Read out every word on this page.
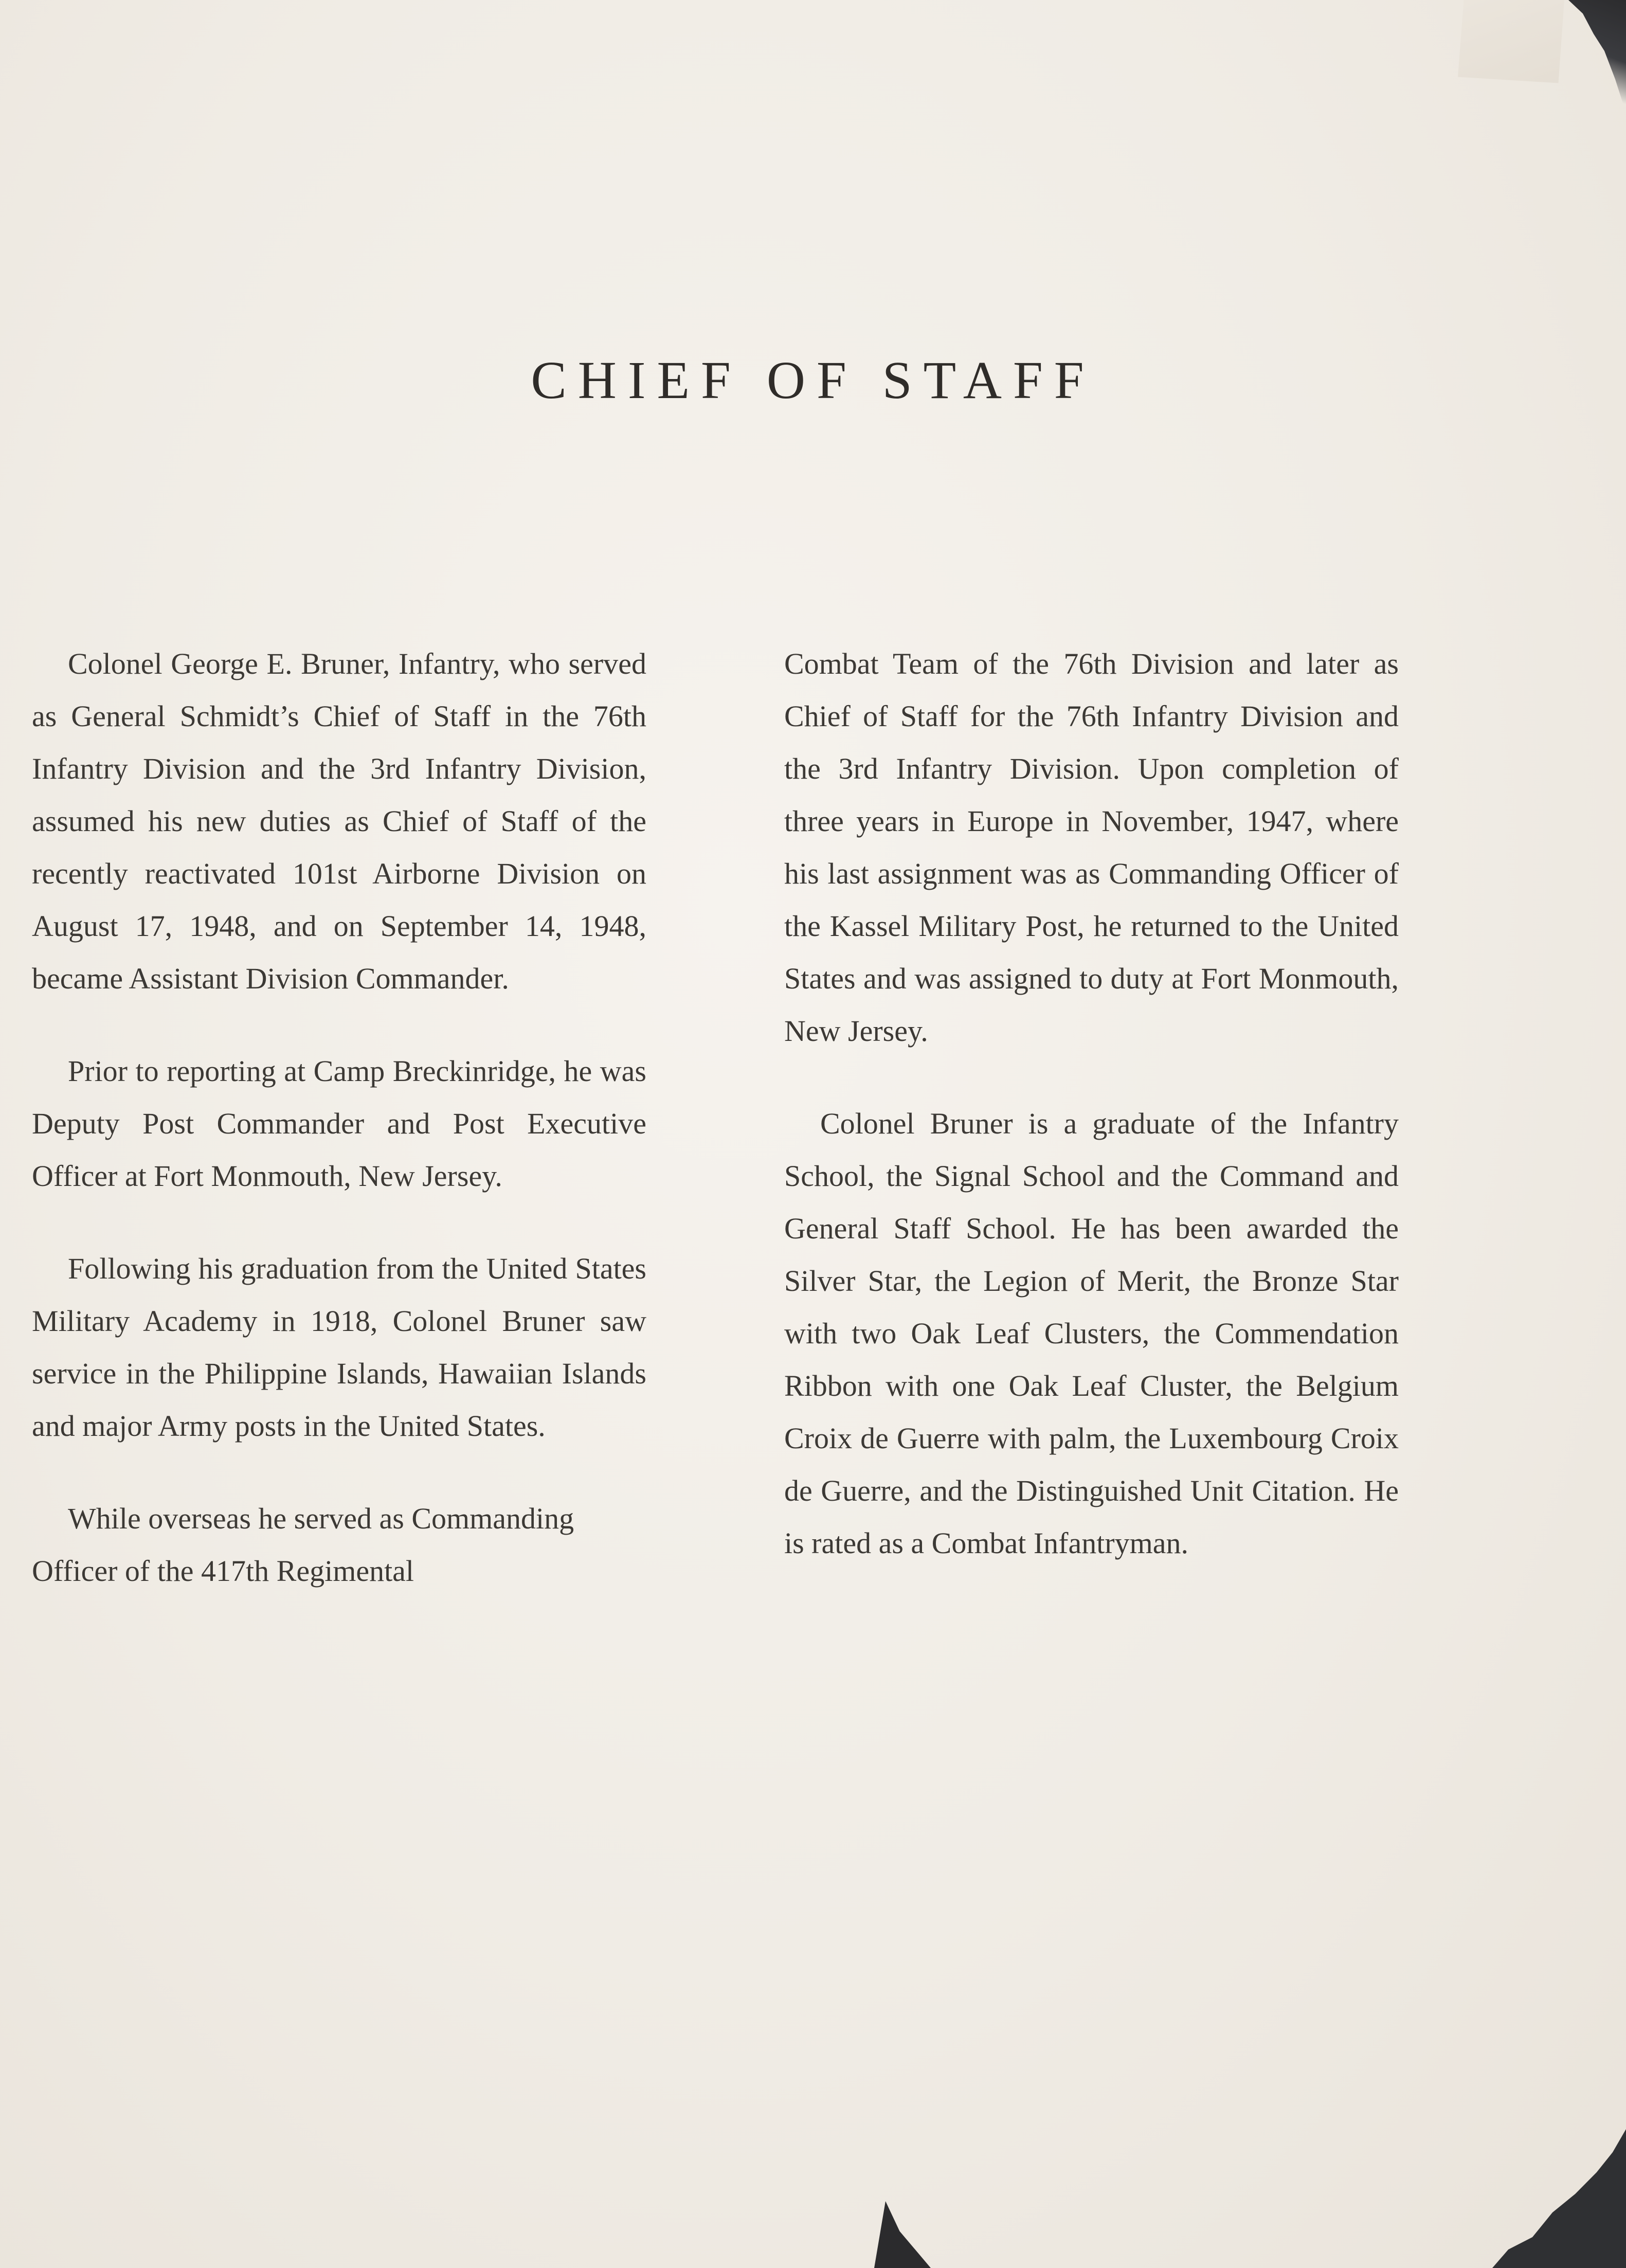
CHIEF OF STAFF

Colonel George E. Bruner, Infantry, who served as General Schmidt’s Chief of Staff in the 76th Infantry Division and the 3rd Infantry Division, assumed his new duties as Chief of Staff of the recently reactivated 101st Airborne Division on August 17, 1948, and on September 14, 1948, became Assistant Division Commander.

Prior to reporting at Camp Breckinridge, he was Deputy Post Commander and Post Executive Officer at Fort Monmouth, New Jersey.

Following his graduation from the United States Military Academy in 1918, Colonel Bruner saw service in the Philippine Islands, Hawaiian Islands and major Army posts in the United States.

While overseas he served as Commanding Officer of the 417th Regimental

Combat Team of the 76th Division and later as Chief of Staff for the 76th Infantry Division and the 3rd Infantry Division. Upon completion of three years in Europe in November, 1947, where his last assignment was as Commanding Officer of the Kassel Military Post, he returned to the United States and was assigned to duty at Fort Monmouth, New Jersey.

Colonel Bruner is a graduate of the Infantry School, the Signal School and the Command and General Staff School. He has been awarded the Silver Star, the Legion of Merit, the Bronze Star with two Oak Leaf Clusters, the Commendation Ribbon with one Oak Leaf Cluster, the Belgium Croix de Guerre with palm, the Luxembourg Croix de Guerre, and the Distinguished Unit Citation. He is rated as a Combat Infantryman.
